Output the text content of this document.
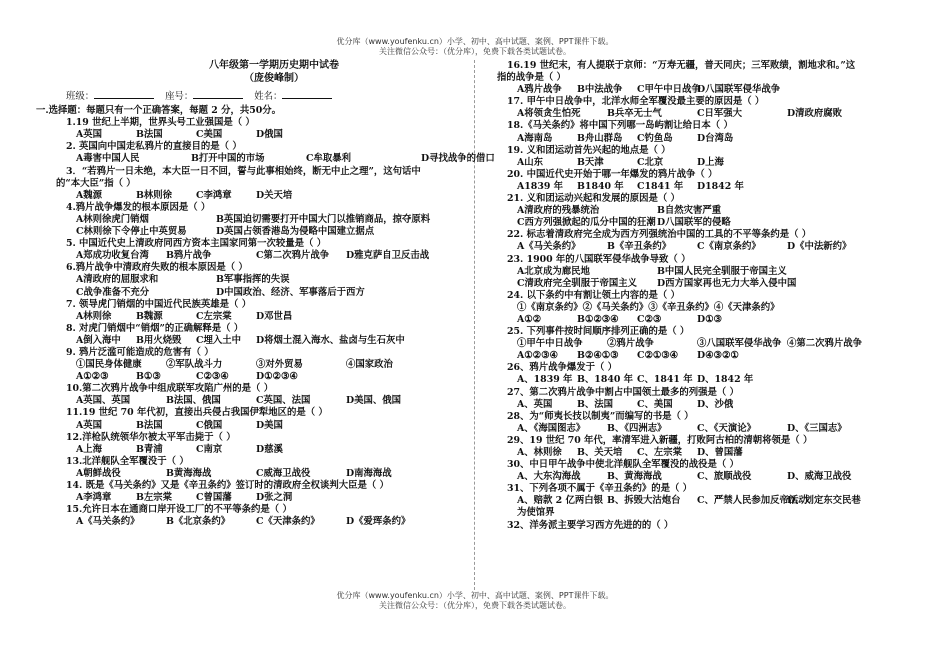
优分库（www.youfenku.cn）小学、初中、高中试题、案例、PPT课件下载。
关注微信公众号：（优分库），免费下载各类试题试卷。
八年级第一学期历史期中试卷
（庞俊峰制）
班级：	座号：	姓名：
一.选择题：每题只有一个正确答案，每题 2 分，共50分。
1.19 世纪上半期，世界头号工业强国是（ ）
A英国	B法国	C美国	D俄国
2. 英国向中国走私鸦片的直接目的是（ ）
A毒害中国人民	B打开中国的市场	C牟取暴利	D寻找战争的借口
3．“若鸦片一日未绝，本大臣一日不回，誓与此事相始终，断无中止之理”，这句话中
的“本大臣”指（ ）
A魏源	B林则徐	C李鸿章	D关天培
4.鸦片战争爆发的根本原因是（ ）
A林则徐虎门销烟	B英国迫切需要打开中国大门以推销商品，掠夺原料
C林则徐下令停止中英贸易	D英国占领香港岛为侵略中国建立据点
5. 中国近代史上清政府同西方资本主国家同第一次较量是（ ）
A郑成功收复台湾 B鸦片战争	C第二次鸦片战争 D雅克萨自卫反击战
6.鸦片战争中清政府失败的根本原因是（ ）
A清政府的屈服求和	B军事指挥的失误
C战争准备不充分	D中国政治、经济、军事落后于西方
7. 领导虎门销烟的中国近代民族英雄是（ ）
A林则徐	B魏源	C左宗棠	D邓世昌
8. 对虎门销烟中“销烟”的正确解释是（ ）
A倒入海中 B用火烧毁 C埋入土中 D将烟土混入海水、盐卤与生石灰中
9. 鸦片泛滥可能造成的危害有（ ）
①国民身体健康	②军队战斗力	③对外贸易	④国家政治
A①②③	B①③	C②③④	D①②③④
10.第二次鸦片战争中组成联军攻陷广州的是（ ）
A英国、英国	B法国、俄国	C英国、法国	D美国、俄国
11.19 世纪 70 年代初，直接出兵侵占我国伊犁地区的是（ ）
A英国	B法国	C俄国	D美国
12.洋枪队统领华尔被太平军击毙于（ ）
A上海	B青浦	C南京	D慈溪
13.北洋舰队全军覆没于（ ）
A朝鲜战役	B黄海海战	C威海卫战役	D南海海战
14. 既是《马关条约》又是《辛丑条约》签订时的清政府全权谈判大臣是（ ）
A李鸿章	B左宗棠	C曾国藩	D张之洞
15.允许日本在通商口岸开设工厂的不平等条约是（ ）
A《马关条约》	B《北京条约》	C《天津条约》	D《爱珲条约》
16.19 世纪末，有人提联于京师：“万寿无疆，普天同庆；三军败绩，割地求和。”这
指的战争是（ ）
A鸦片战争 B中法战争 C甲午中日战争D八国联军侵华战争
17. 甲午中日战争中，北洋水师全军覆没最主要的原因是（ ）
A将领贪生怕死	B兵卒无士气	C日军强大	D清政府腐败
18.《马关条约》将中国下列哪一岛屿割让给日本（ ）
A海南岛	B舟山群岛 C钓鱼岛	D台湾岛
19. 义和团运动首先兴起的地点是（ ）
A山东	B天津	C北京	D上海
20. 中国近代史开始于哪一年爆发的鸦片战争（ ）
A1839 年 B1840 年 C1841 年 D1842 年
21. 义和团运动兴起和发展的原因是（ ）
A清政府的残暴统治	B自然灾害严重
C西方列强掀起的瓜分中国的狂潮D八国联军的侵略
22. 标志着清政府完全成为西方列强统治中国的工具的不平等条约是（ ）
A《马关条约》	B《辛丑条约》	C《南京条约》	D《中法新约》
23. 1900 年的八国联军侵华战争导致（ ）
A北京成为廊民地	B中国人民完全驯服于帝国主义
C清政府完全驯服于帝国主义 D西方国家再也无力大举入侵中国
24. 以下条约中有割让领土内容的是（ ）
①《南京条约》②《马关条约》③《辛丑条约》④《天津条约》
A①②	B①②③④ C②③	D①③
25. 下列事件按时间顺序排列正确的是（ ）
①甲午中日战争	②鸦片战争	③八国联军侵华战争 ④第二次鸦片战争
A①②③④ B②④①③ C②①③④ D④③②①
26、鸦片战争爆发于（ ）
A、1839 年 B、1840 年 C、1841 年 D、1842 年
27、第二次鸦片战争中割占中国领土最多的列强是（ ）
A、英国	B、法国	C、美国	D、沙俄
28、为“师夷长技以制夷”而编写的书是（ ）
A、《海国图志》 B、《四洲志》	C、《天演论》	D、《三国志》
29、19 世纪 70 年代，率清军进入新疆，打败阿古柏的清朝将领是（ ）
A、林则徐 B、关天培 C、左宗棠 D、曾国藩
30、中日甲午战争中使北洋舰队全军覆没的战役是（ ）
A、大东沟海战	B、黄海海战	C、旅顺战役	D、威海卫战役
31、下列各项不属于《辛丑条约》的是（ ）
A、赔款 2 亿两白银 B、拆毁大沽炮台 C、严禁人民参加反帝活动D、划定东交民巷
为使馆界
32、洋务派主要学习西方先进的的（ ）
优分库（www.youfenku.cn）小学、初中、高中试题、案例、PPT课件下载。
关注微信公众号：（优分库），免费下载各类试题试卷。
